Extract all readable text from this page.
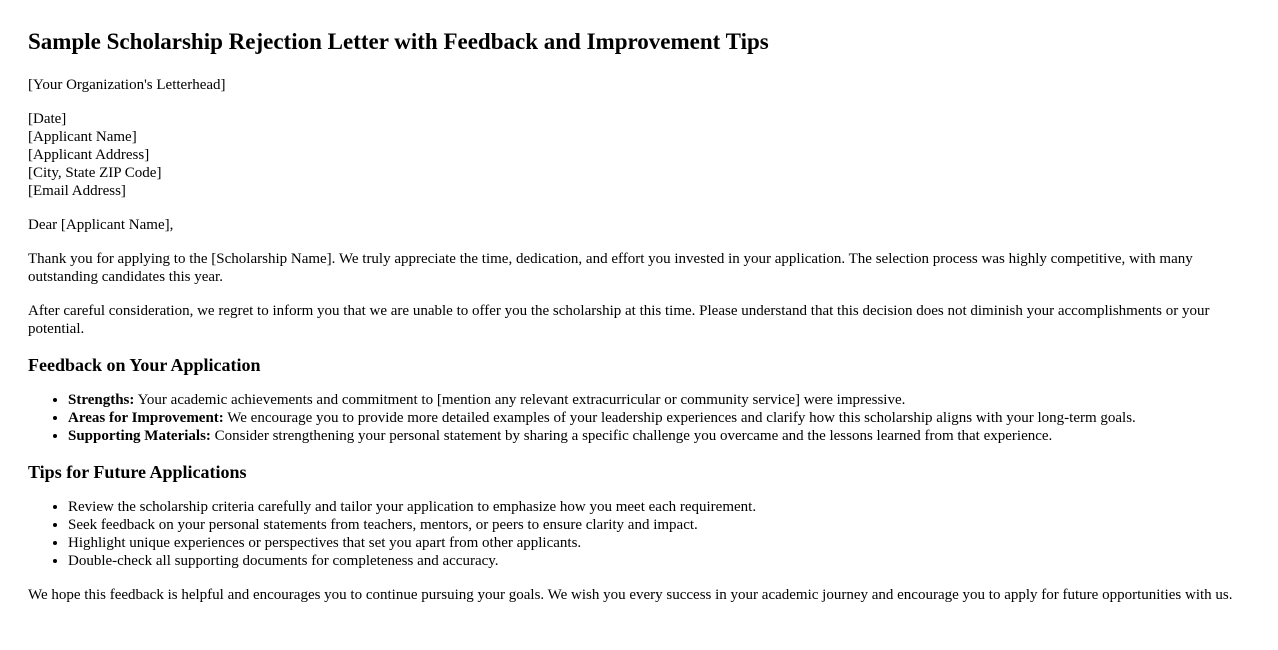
Sample Scholarship Rejection Letter with Feedback and Improvement Tips

[Your Organization's Letterhead]

[Date]
[Applicant Name]
[Applicant Address]
[City, State ZIP Code]
[Email Address]

Dear [Applicant Name],

Thank you for applying to the [Scholarship Name]. We truly appreciate the time, dedication, and effort you invested in your application. The selection process was highly competitive, with many outstanding candidates this year.

After careful consideration, we regret to inform you that we are unable to offer you the scholarship at this time. Please understand that this decision does not diminish your accomplishments or your potential.

Feedback on Your Application
• Strengths: Your academic achievements and commitment to [mention any relevant extracurricular or community service] were impressive.
• Areas for Improvement: We encourage you to provide more detailed examples of your leadership experiences and clarify how this scholarship aligns with your long-term goals.
• Supporting Materials: Consider strengthening your personal statement by sharing a specific challenge you overcame and the lessons learned from that experience.
Tips for Future Applications
• Review the scholarship criteria carefully and tailor your application to emphasize how you meet each requirement.
• Seek feedback on your personal statements from teachers, mentors, or peers to ensure clarity and impact.
• Highlight unique experiences or perspectives that set you apart from other applicants.
• Double-check all supporting documents for completeness and accuracy.

We hope this feedback is helpful and encourages you to continue pursuing your goals. We wish you every success in your academic journey and encourage you to apply for future opportunities with us.
